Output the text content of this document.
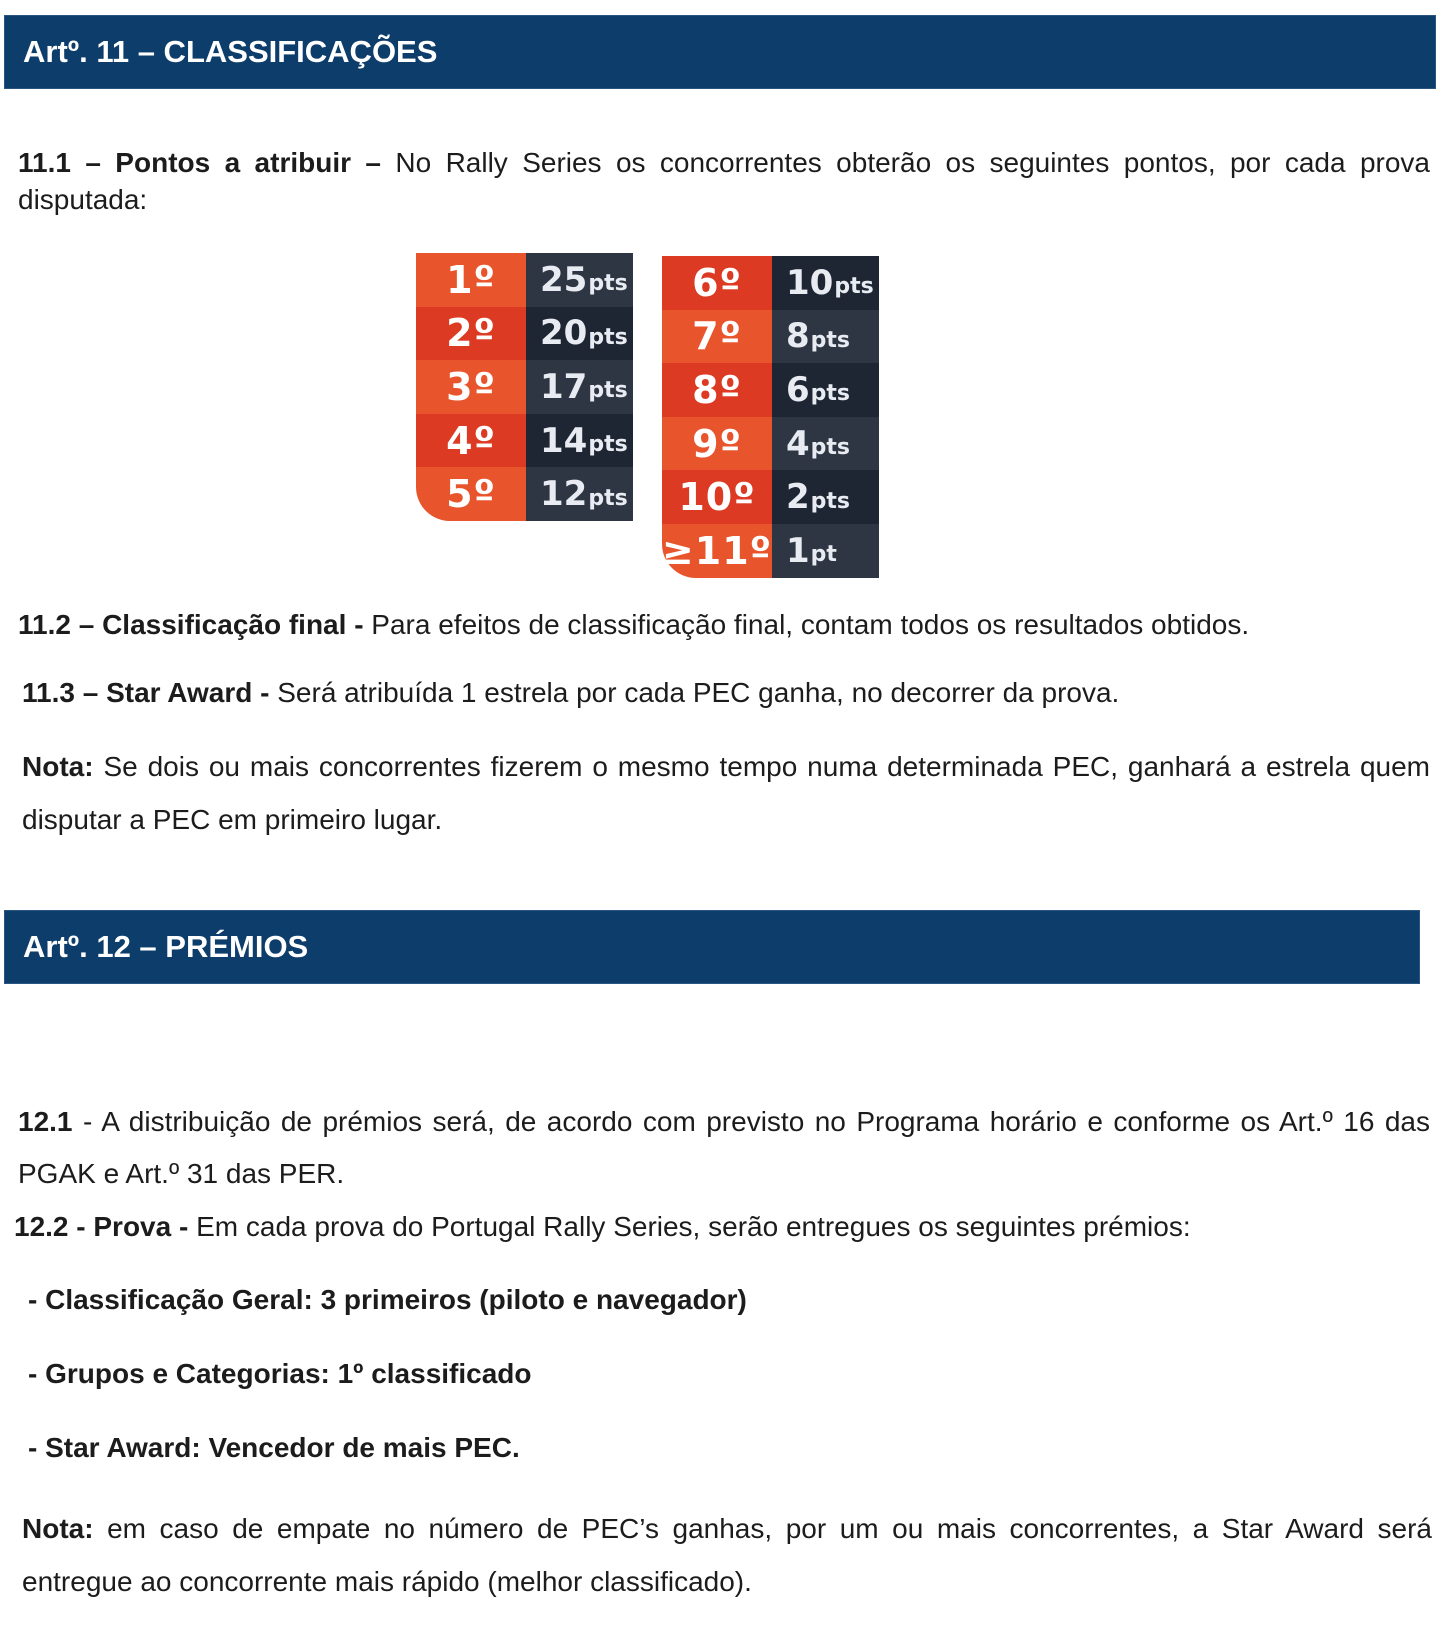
Artº. 11 – CLASSIFICAÇÕES
11.1 – Pontos a atribuir – No Rally Series os concorrentes obterão os seguintes pontos, por cada prova disputada:
1º	25 pts
2º	20 pts
3º	17 pts
4º	14 pts
5º	12 pts
6º	10 pts
7º	8 pts
8º	6 pts
9º	4 pts
10º 2 pts
≥11º 1 pt
11.2 – Classificação final - Para efeitos de classificação final, contam todos os resultados obtidos.
11.3 – Star Award - Será atribuída 1 estrela por cada PEC ganha, no decorrer da prova.
Nota: Se dois ou mais concorrentes fizerem o mesmo tempo numa determinada PEC, ganhará a estrela quem disputar a PEC em primeiro lugar.
Artº. 12 – PRÉMIOS
12.1 - A distribuição de prémios será, de acordo com previsto no Programa horário e conforme os Art.º 16 das PGAK e Art.º 31 das PER.
12.2 - Prova - Em cada prova do Portugal Rally Series, serão entregues os seguintes prémios:
- Classificação Geral: 3 primeiros (piloto e navegador)
- Grupos e Categorias: 1º classificado
- Star Award: Vencedor de mais PEC.
Nota: em caso de empate no número de PEC’s ganhas, por um ou mais concorrentes, a Star Award será entregue ao concorrente mais rápido (melhor classificado).
